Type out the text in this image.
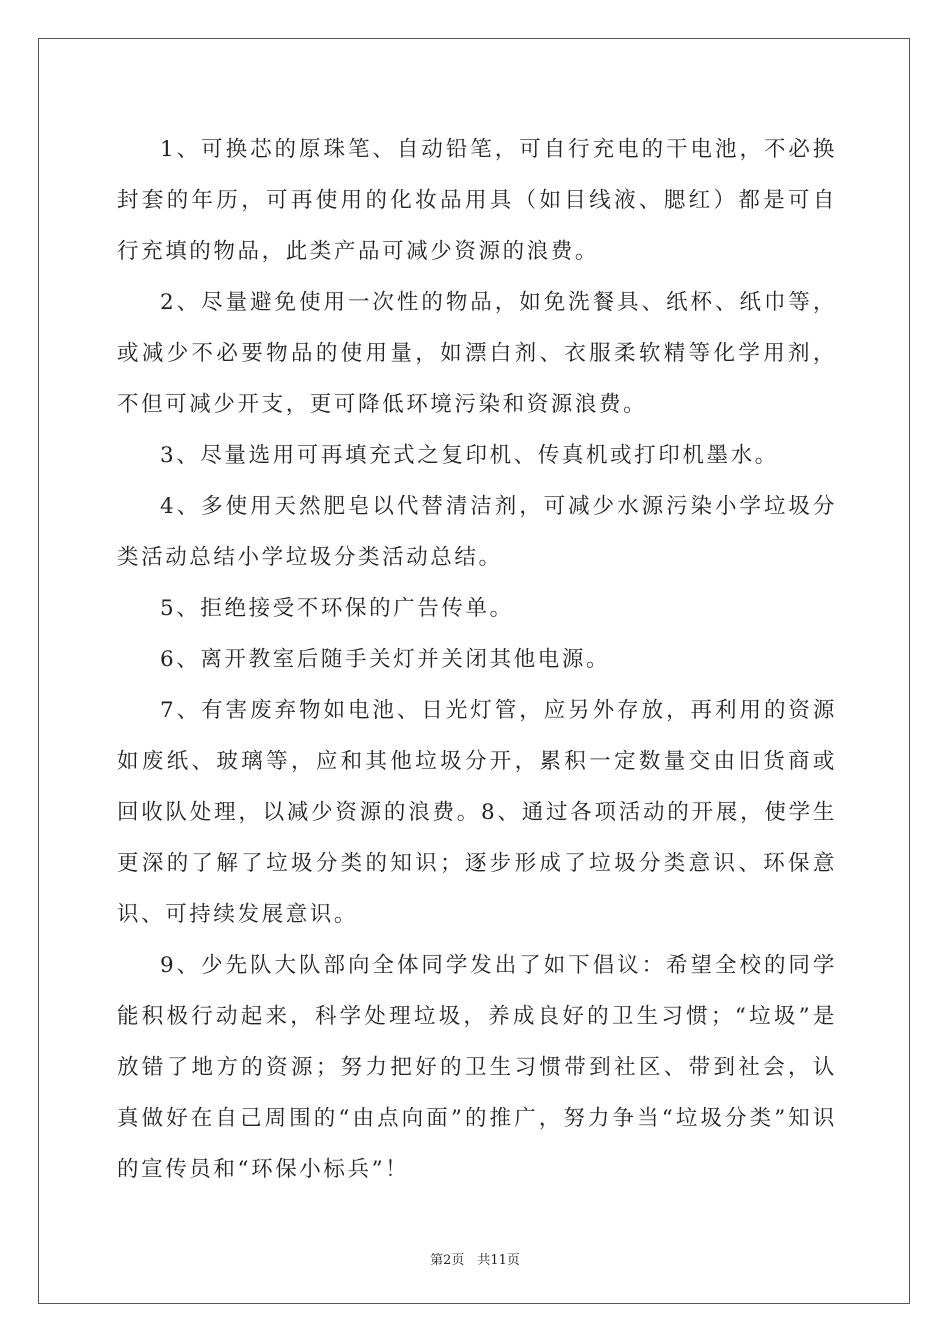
1、可换芯的原珠笔、自动铅笔，可自行充电的干电池，不必换封套的年历，可再使用的化妆品用具（如目线液、腮红）都是可自行充填的物品，此类产品可减少资源的浪费。

2、尽量避免使用一次性的物品，如免洗餐具、纸杯、纸巾等，或减少不必要物品的使用量，如漂白剂、衣服柔软精等化学用剂，不但可减少开支，更可降低环境污染和资源浪费。

3、尽量选用可再填充式之复印机、传真机或打印机墨水。

4、多使用天然肥皂以代替清洁剂，可减少水源污染小学垃圾分类活动总结小学垃圾分类活动总结。

5、拒绝接受不环保的广告传单。

6、离开教室后随手关灯并关闭其他电源。

7、有害废弃物如电池、日光灯管，应另外存放，再利用的资源如废纸、玻璃等，应和其他垃圾分开，累积一定数量交由旧货商或回收队处理，以减少资源的浪费。8、通过各项活动的开展，使学生更深的了解了垃圾分类的知识；逐步形成了垃圾分类意识、环保意识、可持续发展意识。

9、少先队大队部向全体同学发出了如下倡议：希望全校的同学能积极行动起来，科学处理垃圾，养成良好的卫生习惯；“垃圾”是放错了地方的资源；努力把好的卫生习惯带到社区、带到社会，认真做好在自己周围的“由点向面”的推广，努力争当“垃圾分类”知识的宣传员和“环保小标兵”！

第2页　共11页
